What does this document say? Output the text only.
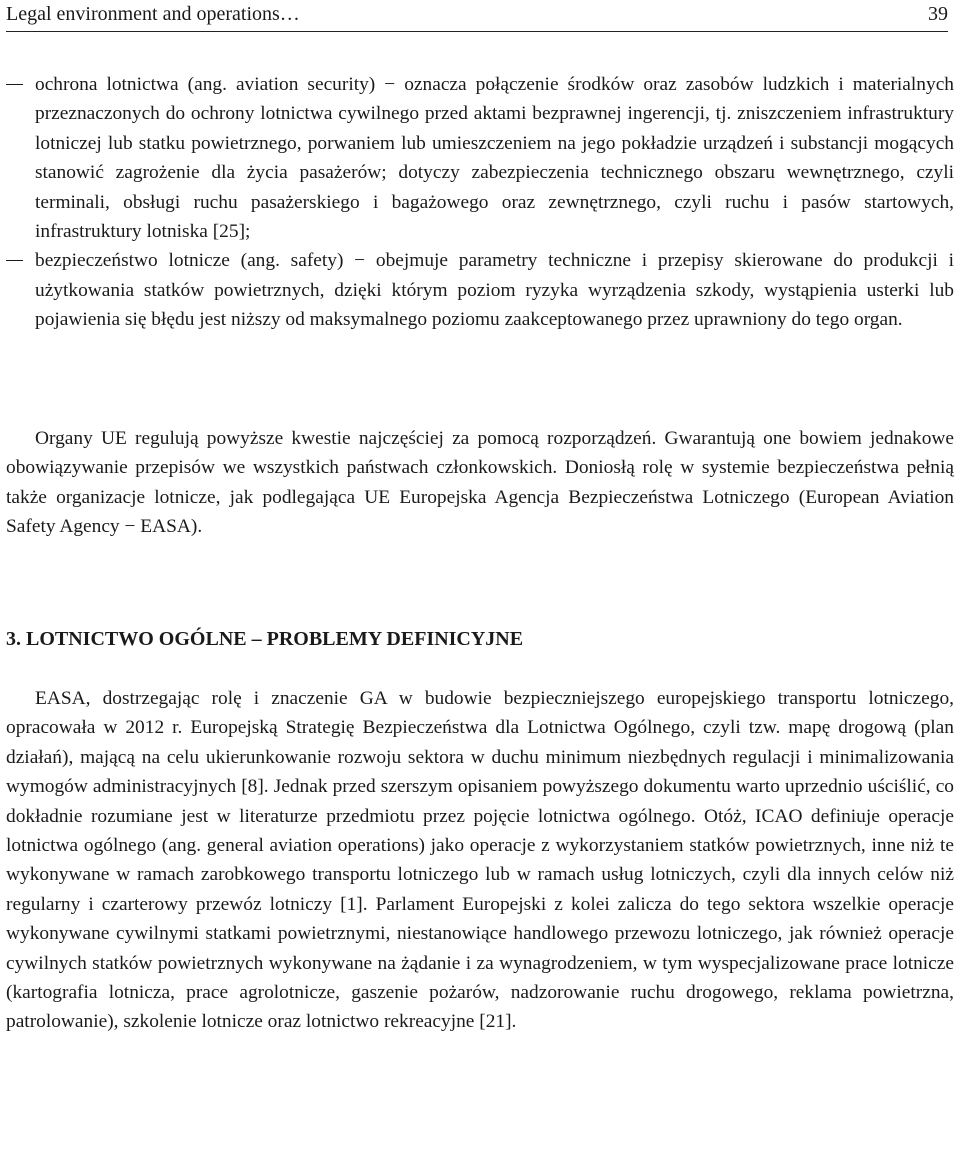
Legal environment and operations…	39

ochrona lotnictwa (ang. aviation security) − oznacza połączenie środków oraz zasobów ludzkich i materialnych przeznaczonych do ochrony lotnictwa cywilnego przed aktami bezprawnej ingerencji, tj. zniszczeniem infrastruktury lotniczej lub statku powietrznego, porwaniem lub umieszczeniem na jego pokładzie urządzeń i substancji mogących stanowić zagrożenie dla życia pasażerów; dotyczy zabezpieczenia technicznego obszaru wewnętrznego, czyli terminali, obsługi ruchu pasażerskiego i bagażowego oraz zewnętrznego, czyli ruchu i pasów startowych, infrastruktury lotniska [25];

bezpieczeństwo lotnicze (ang. safety) − obejmuje parametry techniczne i przepisy skierowane do produkcji i użytkowania statków powietrznych, dzięki którym poziom ryzyka wyrządzenia szkody, wystąpienia usterki lub pojawienia się błędu jest niższy od maksymalnego poziomu zaakceptowanego przez uprawniony do tego organ.

Organy UE regulują powyższe kwestie najczęściej za pomocą rozporządzeń. Gwarantują one bowiem jednakowe obowiązywanie przepisów we wszystkich państwach członkowskich. Doniosłą rolę w systemie bezpieczeństwa pełnią także organizacje lotnicze, jak podlegająca UE Europejska Agencja Bezpieczeństwa Lotniczego (European Aviation Safety Agency − EASA).

3. LOTNICTWO OGÓLNE – PROBLEMY DEFINICYJNE

EASA, dostrzegając rolę i znaczenie GA w budowie bezpieczniejszego europejskiego transportu lotniczego, opracowała w 2012 r. Europejską Strategię Bezpieczeństwa dla Lotnictwa Ogólnego, czyli tzw. mapę drogową (plan działań), mającą na celu ukierunkowanie rozwoju sektora w duchu minimum niezbędnych regulacji i minimalizowania wymogów administracyjnych [8]. Jednak przed szerszym opisaniem powyższego dokumentu warto uprzednio uściślić, co dokładnie rozumiane jest w literaturze przedmiotu przez pojęcie lotnictwa ogólnego. Otóż, ICAO definiuje operacje lotnictwa ogólnego (ang. general aviation operations) jako operacje z wykorzystaniem statków powietrznych, inne niż te wykonywane w ramach zarobkowego transportu lotniczego lub w ramach usług lotniczych, czyli dla innych celów niż regularny i czarterowy przewóz lotniczy [1]. Parlament Europejski z kolei zalicza do tego sektora wszelkie operacje wykonywane cywilnymi statkami powietrznymi, niestanowiące handlowego przewozu lotniczego, jak również operacje cywilnych statków powietrznych wykonywane na żądanie i za wynagrodzeniem, w tym wyspecjalizowane prace lotnicze (kartografia lotnicza, prace agrolotnicze, gaszenie pożarów, nadzorowanie ruchu drogowego, reklama powietrzna, patrolowanie), szkolenie lotnicze oraz lotnictwo rekreacyjne [21].
